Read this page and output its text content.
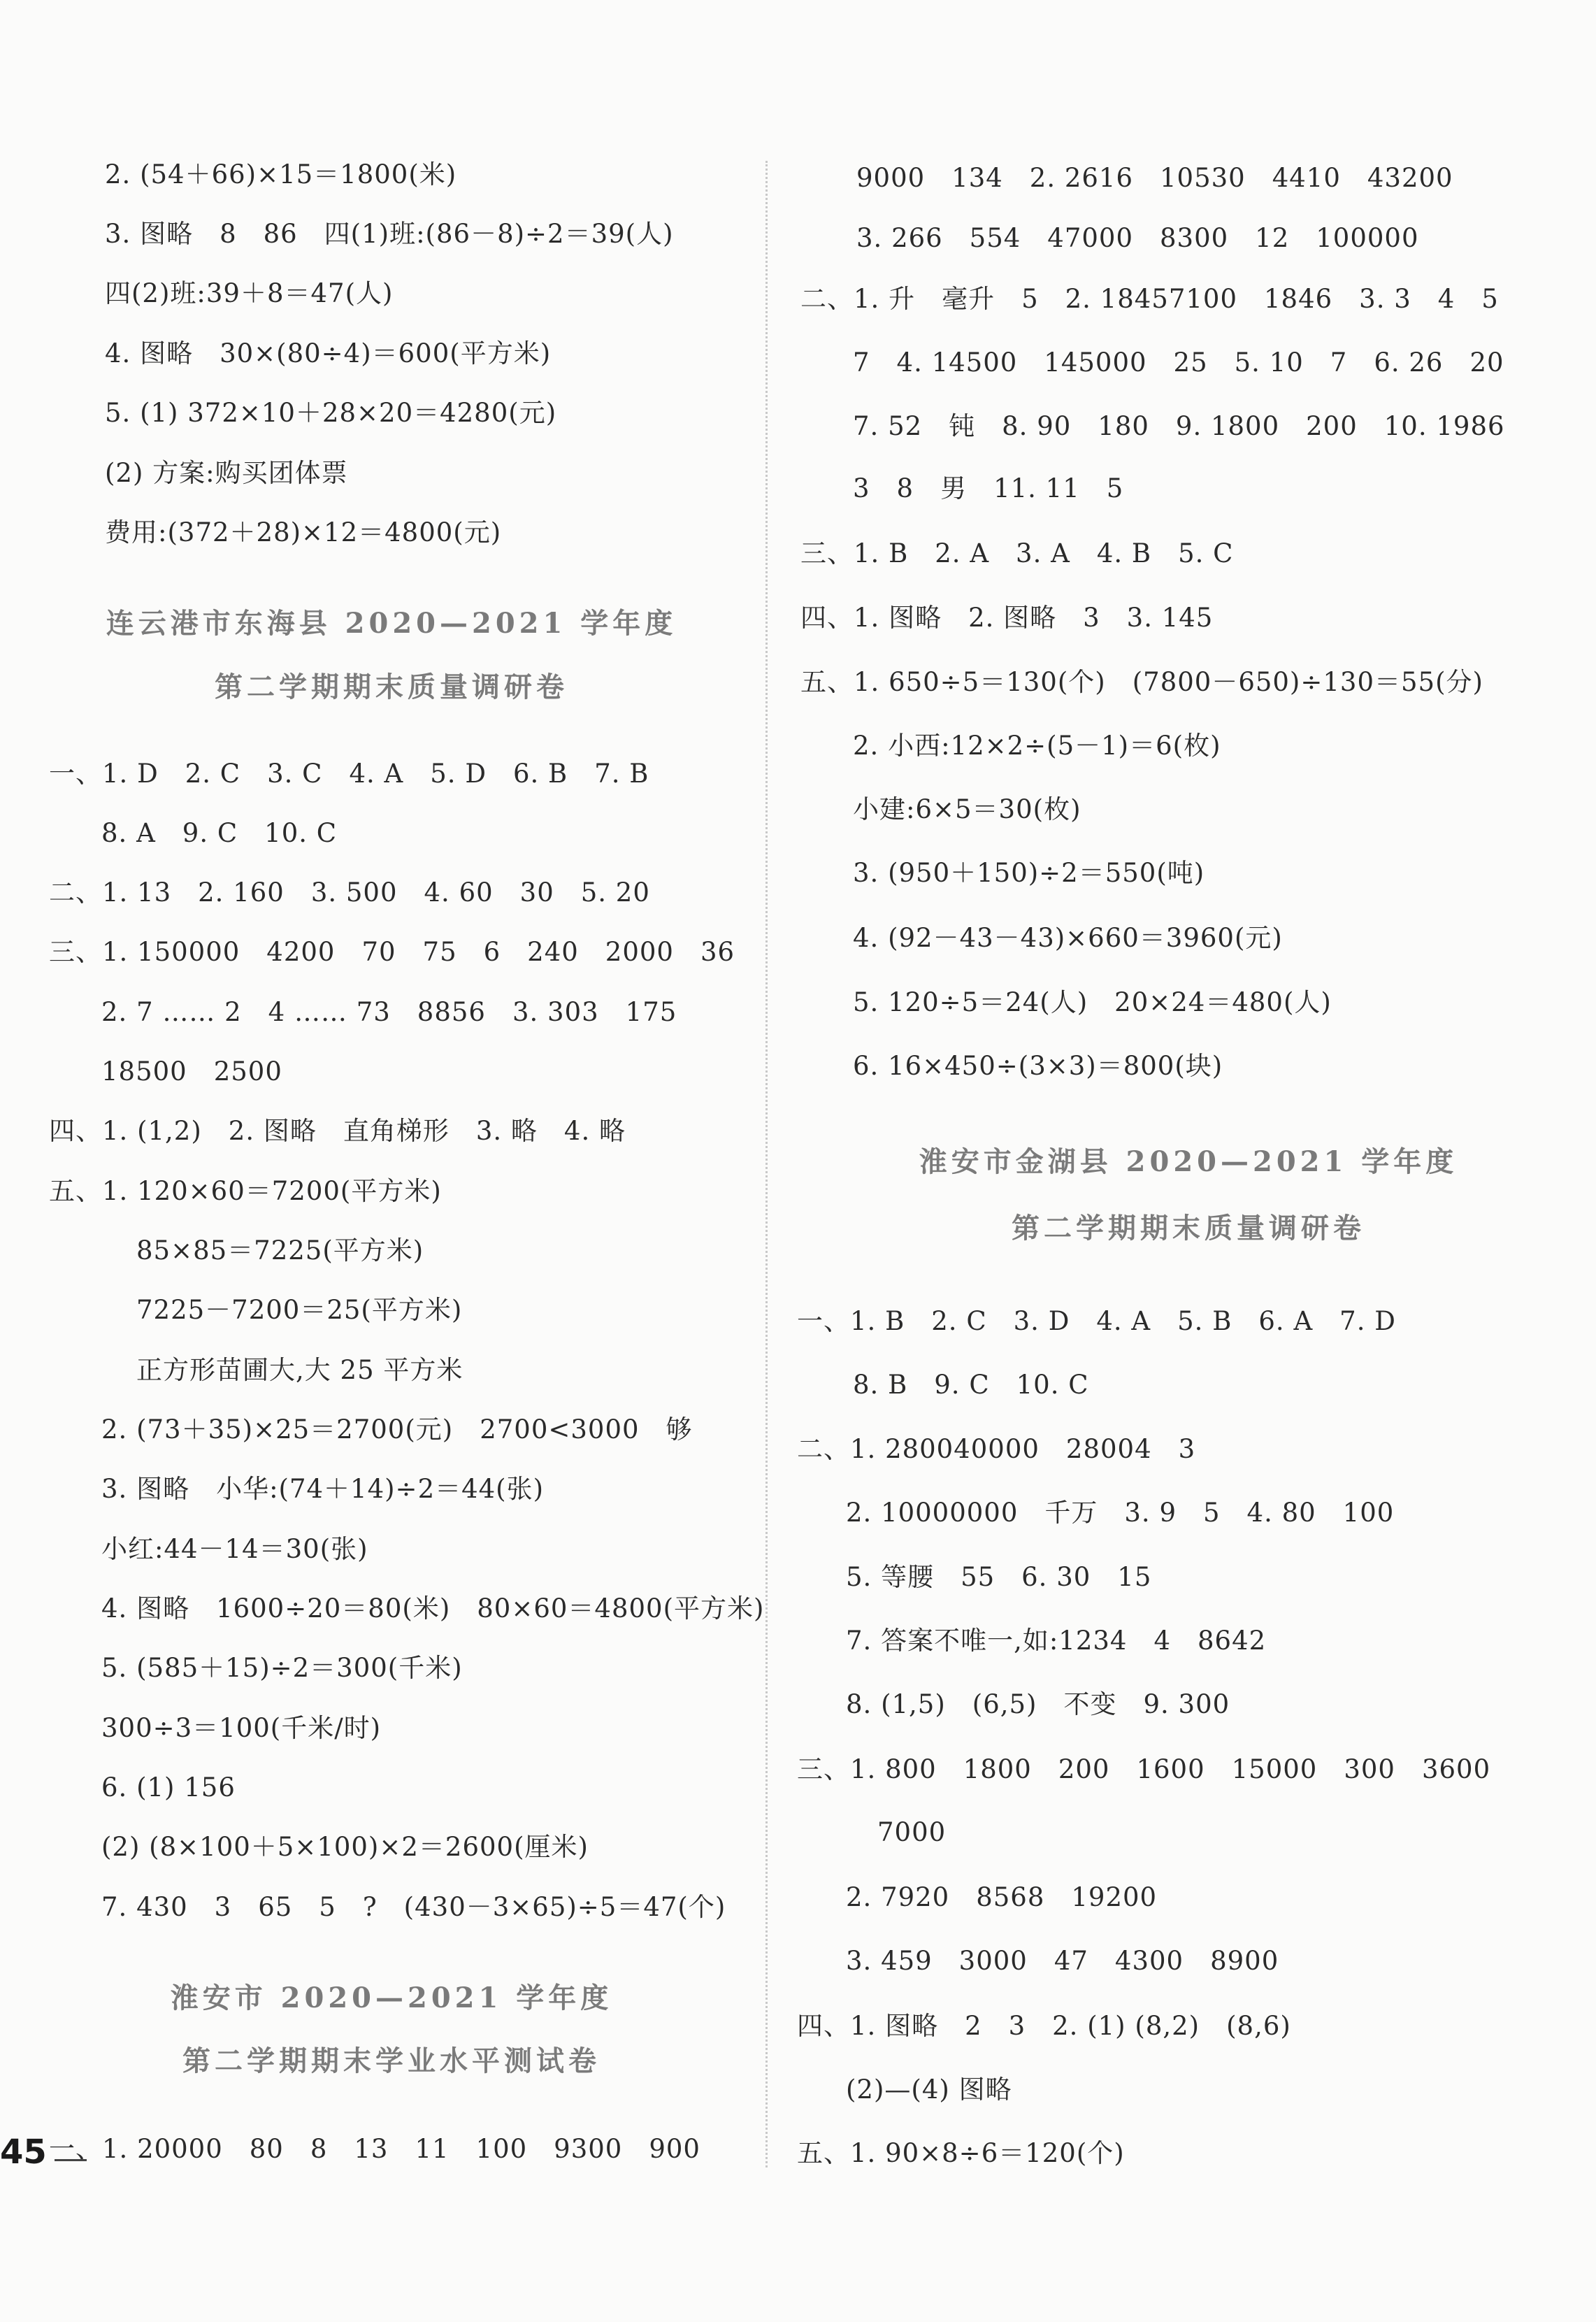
2. (54＋66)×15＝1800(米)
3. 图略　8　86　四(1)班:(86－8)÷2＝39(人)
四(2)班:39＋8＝47(人)
4. 图略　30×(80÷4)＝600(平方米)
5. (1) 372×10＋28×20＝4280(元)
(2) 方案:购买团体票
费用:(372＋28)×12＝4800(元)
连云港市东海县 2020—2021 学年度
第二学期期末质量调研卷
一、1. D　2. C　3. C　4. A　5. D　6. B　7. B
8. A　9. C　10. C
二、1. 13　2. 160　3. 500　4. 60　30　5. 20
三、1. 150000　4200　70　75　6　240　2000　36
2. 7 …… 2　4 …… 73　8856　3. 303　175
18500　2500
四、1. (1,2)　2. 图略　直角梯形　3. 略　4. 略
五、1. 120×60＝7200(平方米)
85×85＝7225(平方米)
7225－7200＝25(平方米)
正方形苗圃大,大 25 平方米
2. (73＋35)×25＝2700(元)　2700<3000　够
3. 图略　小华:(74＋14)÷2＝44(张)
小红:44－14＝30(张)
4. 图略　1600÷20＝80(米)　80×60＝4800(平方米)
5. (585＋15)÷2＝300(千米)
300÷3＝100(千米/时)
6. (1) 156
(2) (8×100＋5×100)×2＝2600(厘米)
7. 430　3　65　5　?　(430－3×65)÷5＝47(个)
淮安市 2020—2021 学年度
第二学期期末学业水平测试卷
一、1. 20000　80　8　13　11　100　9300　900
9000　134　2. 2616　10530　4410　43200
3. 266　554　47000　8300　12　100000
二、1. 升　毫升　5　2. 18457100　1846　3. 3　4　5
7　4. 14500　145000　25　5. 10　7　6. 26　20
7. 52　钝　8. 90　180　9. 1800　200　10. 1986
3　8　男　11. 11　5
三、1. B　2. A　3. A　4. B　5. C
四、1. 图略　2. 图略　3　3. 145
五、1. 650÷5＝130(个)　(7800－650)÷130＝55(分)
2. 小西:12×2÷(5－1)＝6(枚)
小建:6×5＝30(枚)
3. (950＋150)÷2＝550(吨)
4. (92－43－43)×660＝3960(元)
5. 120÷5＝24(人)　20×24＝480(人)
6. 16×450÷(3×3)＝800(块)
淮安市金湖县 2020—2021 学年度
第二学期期末质量调研卷
一、1. B　2. C　3. D　4. A　5. B　6. A　7. D
8. B　9. C　10. C
二、1. 280040000　28004　3
2. 10000000　千万　3. 9　5　4. 80　100
5. 等腰　55　6. 30　15
7. 答案不唯一,如:1234　4　8642
8. (1,5)　(6,5)　不变　9. 300
三、1. 800　1800　200　1600　15000　300　3600
7000
2. 7920　8568　19200
3. 459　3000　47　4300　8900
四、1. 图略　2　3　2. (1) (8,2)　(8,6)
(2)—(4) 图略
五、1. 90×8÷6＝120(个)
45
